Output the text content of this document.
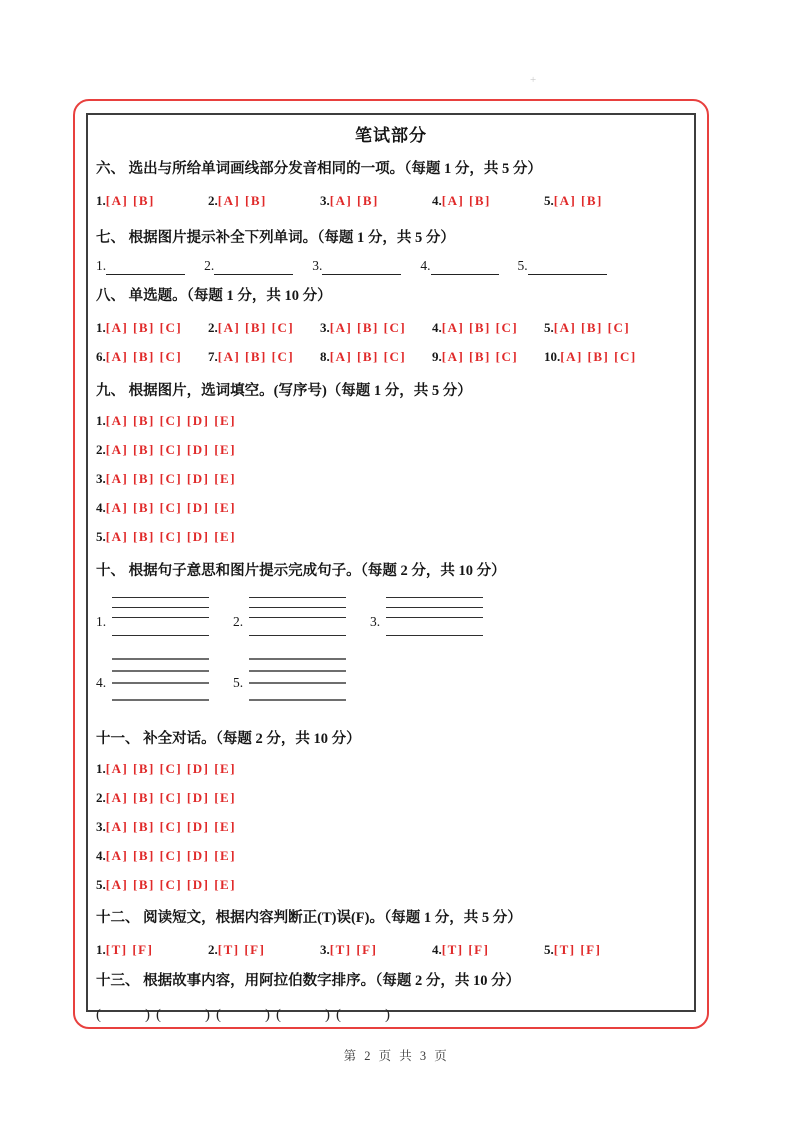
+
笔试部分
六、 选出与所给单词画线部分发音相同的一项。（每题 1 分，共 5 分）
1.[A] [B]	2.[A] [B]	3.[A] [B]	4.[A] [B]	5.[A] [B]
七、 根据图片提示补全下列单词。（每题 1 分，共 5 分）
1.	2.	3.	4.	5.
八、 单选题。（每题 1 分，共 10 分）
1.[A] [B] [C]	2.[A] [B] [C]	3.[A] [B] [C]	4.[A] [B] [C]	5.[A] [B] [C]
6.[A] [B] [C]	7.[A] [B] [C]	8.[A] [B] [C]	9.[A] [B] [C]	10.[A] [B] [C]
九、 根据图片，选词填空。(写序号)（每题 1 分，共 5 分）
1.[A] [B] [C] [D] [E]
2.[A] [B] [C] [D] [E]
3.[A] [B] [C] [D] [E]
4.[A] [B] [C] [D] [E]
5.[A] [B] [C] [D] [E]
十、 根据句子意思和图片提示完成句子。（每题 2 分，共 10 分）
1.	2.	3.
4.	5.
十一、 补全对话。（每题 2 分，共 10 分）
1.[A] [B] [C] [D] [E]
2.[A] [B] [C] [D] [E]
3.[A] [B] [C] [D] [E]
4.[A] [B] [C] [D] [E]
5.[A] [B] [C] [D] [E]
十二、 阅读短文，根据内容判断正(T)误(F)。（每题 1 分，共 5 分）
1.[T] [F]	2.[T] [F]	3.[T] [F]	4.[T] [F]	5.[T] [F]
十三、 根据故事内容，用阿拉伯数字排序。（每题 2 分，共 10 分）
(	) (	) (	) (	) (	)
第 2 页 共 3 页
